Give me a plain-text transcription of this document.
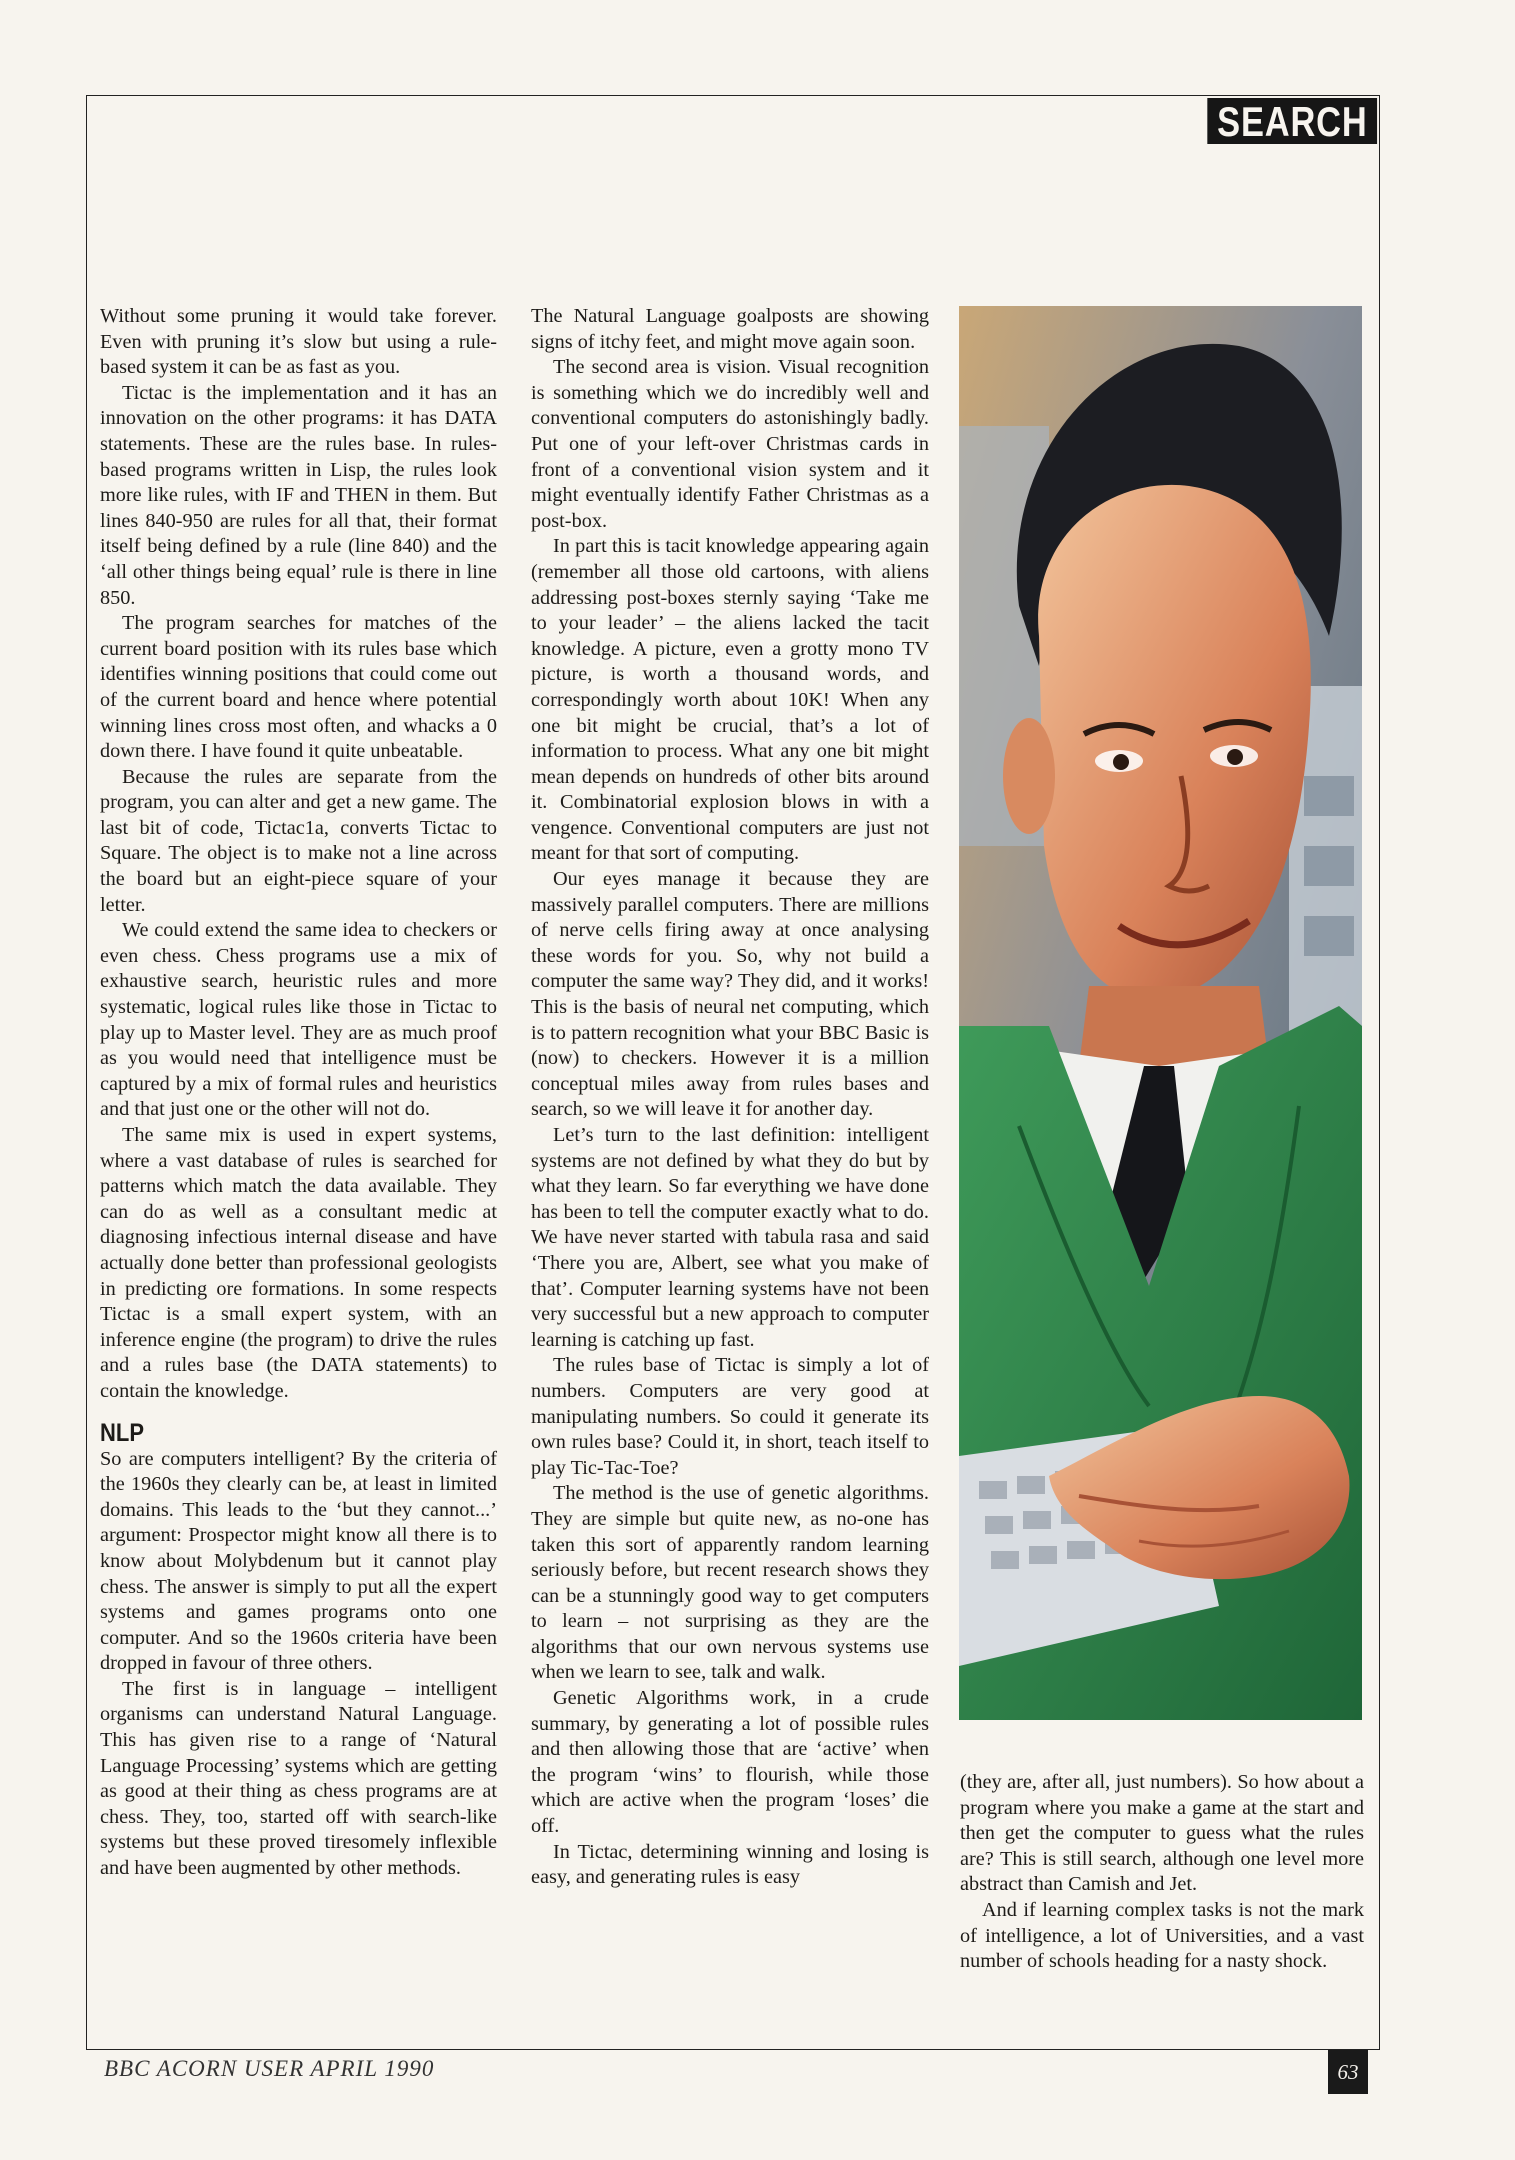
SEARCH

Without some pruning it would take forever. Even with pruning it’s slow but using a rule-based system it can be as fast as you.

Tictac is the implementation and it has an innovation on the other programs: it has DATA statements. These are the rules base. In rules-based programs written in Lisp, the rules look more like rules, with IF and THEN in them. But lines 840-950 are rules for all that, their format itself being defined by a rule (line 840) and the ‘all other things being equal’ rule is there in line 850.

The program searches for matches of the current board position with its rules base which identifies winning positions that could come out of the current board and hence where potential winning lines cross most often, and whacks a 0 down there. I have found it quite unbeatable.

Because the rules are separate from the program, you can alter and get a new game. The last bit of code, Tictac1a, converts Tictac to Square. The object is to make not a line across the board but an eight-piece square of your letter.

We could extend the same idea to checkers or even chess. Chess programs use a mix of exhaustive search, heuristic rules and more systematic, logical rules like those in Tictac to play up to Master level. They are as much proof as you would need that intelligence must be captured by a mix of formal rules and heuristics and that just one or the other will not do.

The same mix is used in expert systems, where a vast database of rules is searched for patterns which match the data available. They can do as well as a consultant medic at diagnosing infectious internal disease and have actually done better than professional geologists in predicting ore formations. In some respects Tictac is a small expert system, with an inference engine (the program) to drive the rules and a rules base (the DATA statements) to contain the knowledge.

NLP

So are computers intelligent? By the criteria of the 1960s they clearly can be, at least in limited domains. This leads to the ‘but they cannot...’ argument: Prospector might know all there is to know about Molybdenum but it cannot play chess. The answer is simply to put all the expert systems and games programs onto one computer. And so the 1960s criteria have been dropped in favour of three others.

The first is in language – intelligent organisms can understand Natural Language. This has given rise to a range of ‘Natural Language Processing’ systems which are getting as good at their thing as chess programs are at chess. They, too, started off with search-like systems but these proved tiresomely inflexible and have been augmented by other methods.

The Natural Language goalposts are showing signs of itchy feet, and might move again soon.

The second area is vision. Visual recognition is something which we do incredibly well and conventional computers do astonishingly badly. Put one of your left-over Christmas cards in front of a conventional vision system and it might eventually identify Father Christmas as a post-box.

In part this is tacit knowledge appearing again (remember all those old cartoons, with aliens addressing post-boxes sternly saying ‘Take me to your leader’ – the aliens lacked the tacit knowledge. A picture, even a grotty mono TV picture, is worth a thousand words, and correspondingly worth about 10K! When any one bit might be crucial, that’s a lot of information to process. What any one bit might mean depends on hundreds of other bits around it. Combinatorial explosion blows in with a vengence. Conventional computers are just not meant for that sort of computing.

Our eyes manage it because they are massively parallel computers. There are millions of nerve cells firing away at once analysing these words for you. So, why not build a computer the same way? They did, and it works! This is the basis of neural net computing, which is to pattern recognition what your BBC Basic is (now) to checkers. However it is a million conceptual miles away from rules bases and search, so we will leave it for another day.

Let’s turn to the last definition: intelligent systems are not defined by what they do but by what they learn. So far everything we have done has been to tell the computer exactly what to do. We have never started with tabula rasa and said ‘There you are, Albert, see what you make of that’. Computer learning systems have not been very successful but a new approach to computer learning is catching up fast.

The rules base of Tictac is simply a lot of numbers. Computers are very good at manipulating numbers. So could it generate its own rules base? Could it, in short, teach itself to play Tic-Tac-Toe?

The method is the use of genetic algorithms. They are simple but quite new, as no-one has taken this sort of apparently random learning seriously before, but recent research shows they can be a stunningly good way to get computers to learn – not surprising as they are the algorithms that our own nervous systems use when we learn to see, talk and walk.

Genetic Algorithms work, in a crude summary, by generating a lot of possible rules and then allowing those that are ‘active’ when the program ‘wins’ to flourish, while those which are active when the program ‘loses’ die off.

In Tictac, determining winning and losing is easy, and generating rules is easy

(they are, after all, just numbers). So how about a program where you make a game at the start and then get the computer to guess what the rules are? This is still search, although one level more abstract than Camish and Jet.

And if learning complex tasks is not the mark of intelligence, a lot of Universities, and a vast number of schools heading for a nasty shock.

BBC ACORN USER APRIL 1990	63
